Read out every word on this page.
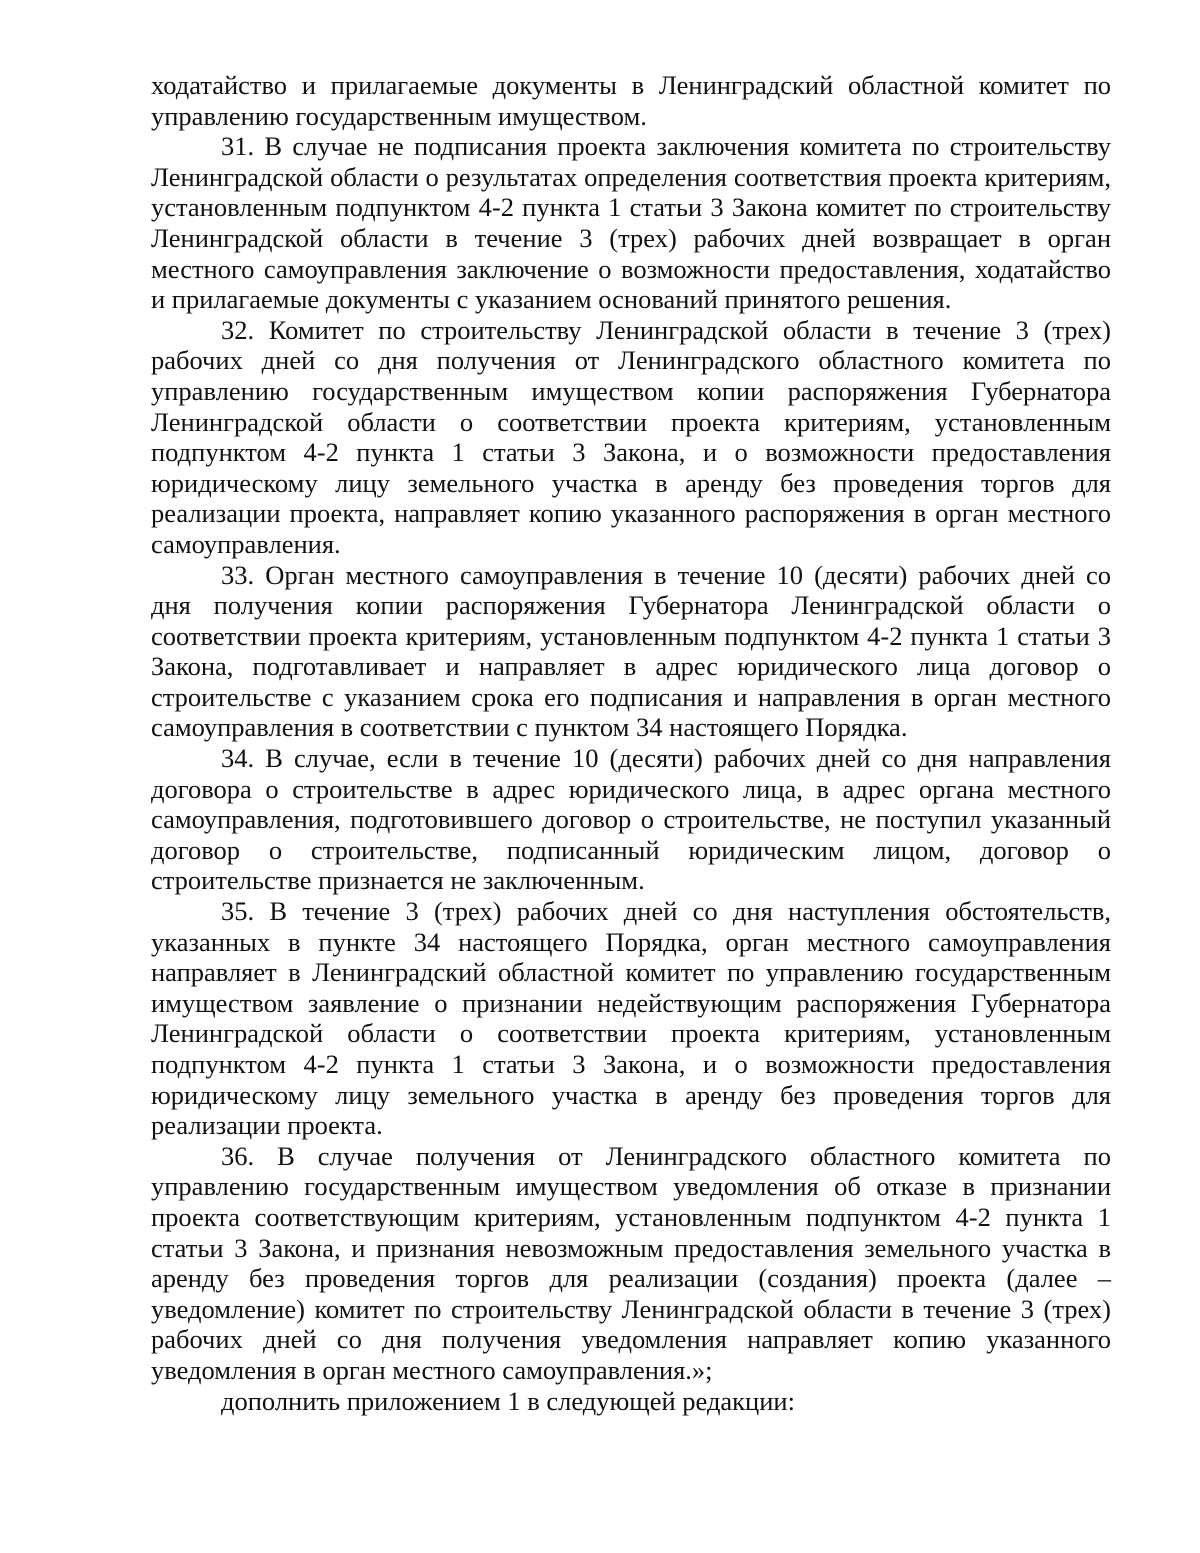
ходатайство и прилагаемые документы в Ленинградский областной комитет по управлению государственным имуществом.

31. В случае не подписания проекта заключения комитета по строительству Ленинградской области о результатах определения соответствия проекта критериям, установленным подпунктом 4-2 пункта 1 статьи 3 Закона комитет по строительству Ленинградской области в течение 3 (трех) рабочих дней возвращает в орган местного самоуправления заключение о возможности предоставления, ходатайство и прилагаемые документы с указанием оснований принятого решения.

32. Комитет по строительству Ленинградской области в течение 3 (трех) рабочих дней со дня получения от Ленинградского областного комитета по управлению государственным имуществом копии распоряжения Губернатора Ленинградской области о соответствии проекта критериям, установленным подпунктом 4-2 пункта 1 статьи 3 Закона, и о возможности предоставления юридическому лицу земельного участка в аренду без проведения торгов для реализации проекта, направляет копию указанного распоряжения в орган местного самоуправления.

33. Орган местного самоуправления в течение 10 (десяти) рабочих дней со дня получения копии распоряжения Губернатора Ленинградской области о соответствии проекта критериям, установленным подпунктом 4-2 пункта 1 статьи 3 Закона, подготавливает и направляет в адрес юридического лица договор о строительстве с указанием срока его подписания и направления в орган местного самоуправления в соответствии с пунктом 34 настоящего Порядка.

34. В случае, если в течение 10 (десяти) рабочих дней со дня направления договора о строительстве в адрес юридического лица, в адрес органа местного самоуправления, подготовившего договор о строительстве, не поступил указанный договор о строительстве, подписанный юридическим лицом, договор о строительстве признается не заключенным.

35. В течение 3 (трех) рабочих дней со дня наступления обстоятельств, указанных в пункте 34 настоящего Порядка, орган местного самоуправления направляет в Ленинградский областной комитет по управлению государственным имуществом заявление о признании недействующим распоряжения Губернатора Ленинградской области о соответствии проекта критериям, установленным подпунктом 4-2 пункта 1 статьи 3 Закона, и о возможности предоставления юридическому лицу земельного участка в аренду без проведения торгов для реализации проекта.

36. В случае получения от Ленинградского областного комитета по управлению государственным имуществом уведомления об отказе в признании проекта соответствующим критериям, установленным подпунктом 4-2 пункта 1 статьи 3 Закона, и признания невозможным предоставления земельного участка в аренду без проведения торгов для реализации (создания) проекта (далее – уведомление) комитет по строительству Ленинградской области в течение 3 (трех) рабочих дней со дня получения уведомления направляет копию указанного уведомления в орган местного самоуправления.»;

дополнить приложением 1 в следующей редакции:
